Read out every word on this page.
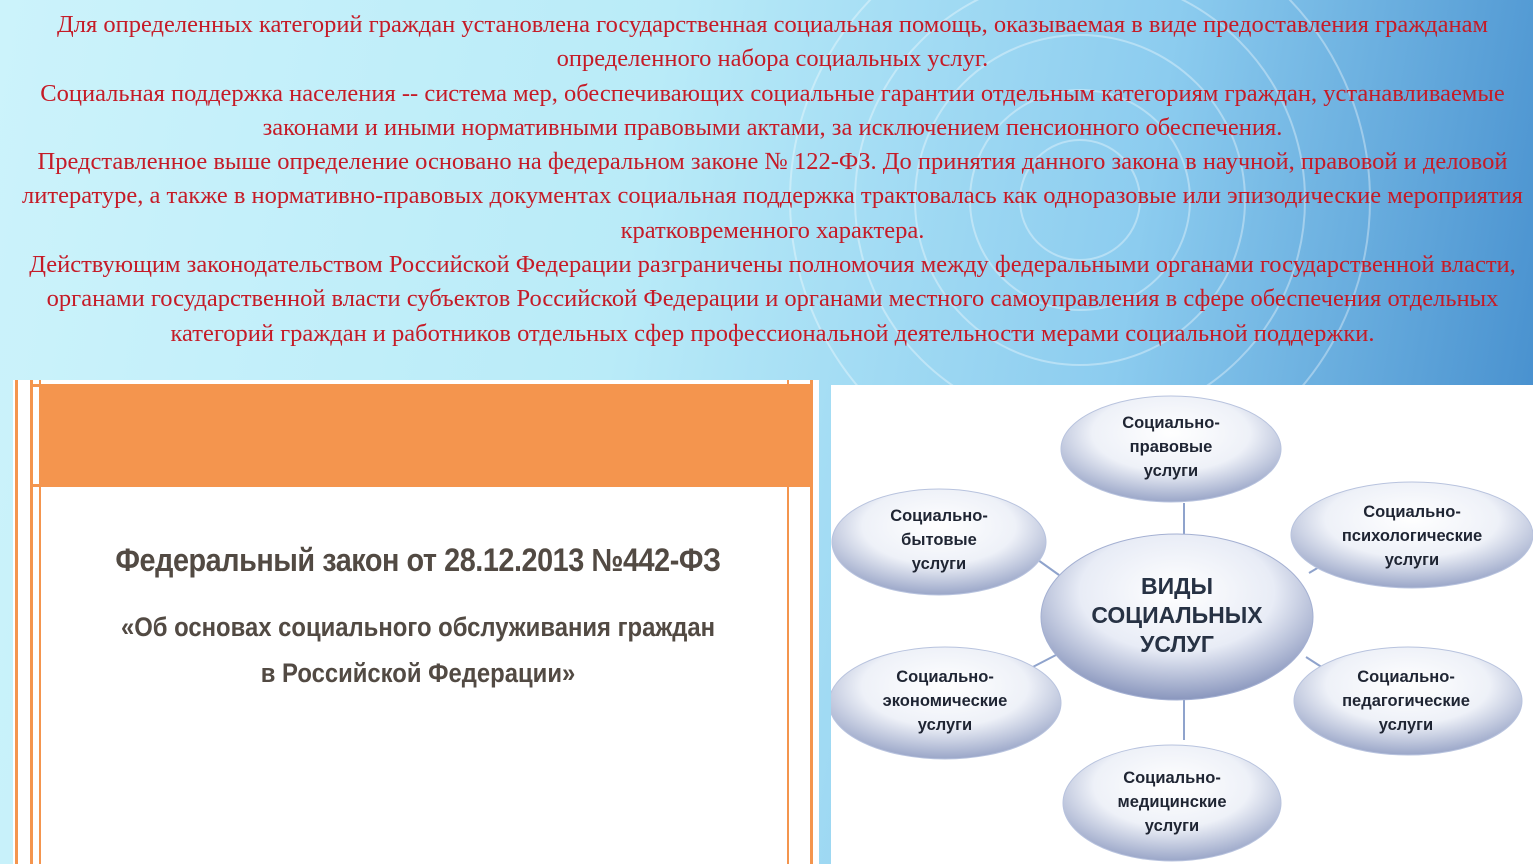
Для определенных категорий граждан установлена государственная социальная помощь, оказываемая в виде предоставления гражданам определенного набора социальных услуг.

Социальная поддержка населения -- система мер, обеспечивающих социальные гарантии отдельным категориям граждан, устанавливаемые законами и иными нормативными правовыми актами, за исключением пенсионного обеспечения.

Представленное выше определение основано на федеральном законе № 122-ФЗ. До принятия данного закона в научной, правовой и деловой литературе, а также в нормативно-правовых документах социальная поддержка трактовалась как одноразовые или эпизодические мероприятия кратковременного характера.

Действующим законодательством Российской Федерации разграничены полномочия между федеральными органами государственной власти, органами государственной власти субъектов Российской Федерации и органами местного самоуправления в сфере обеспечения отдельных категорий граждан и работников отдельных сфер профессиональной деятельности мерами социальной поддержки.

Федеральный закон от 28.12.2013 №442-ФЗ
«Об основах социального обслуживания граждан
в Российской Федерации»
Социально-
правовые
услуги
Социально-
бытовые
услуги
Социально-
психологические
услуги
ВИДЫ
СОЦИАЛЬНЫХ
УСЛУГ
Социально-
экономические
услуги
Социально-
педагогические
услуги
Социально-
медицинские
услуги
